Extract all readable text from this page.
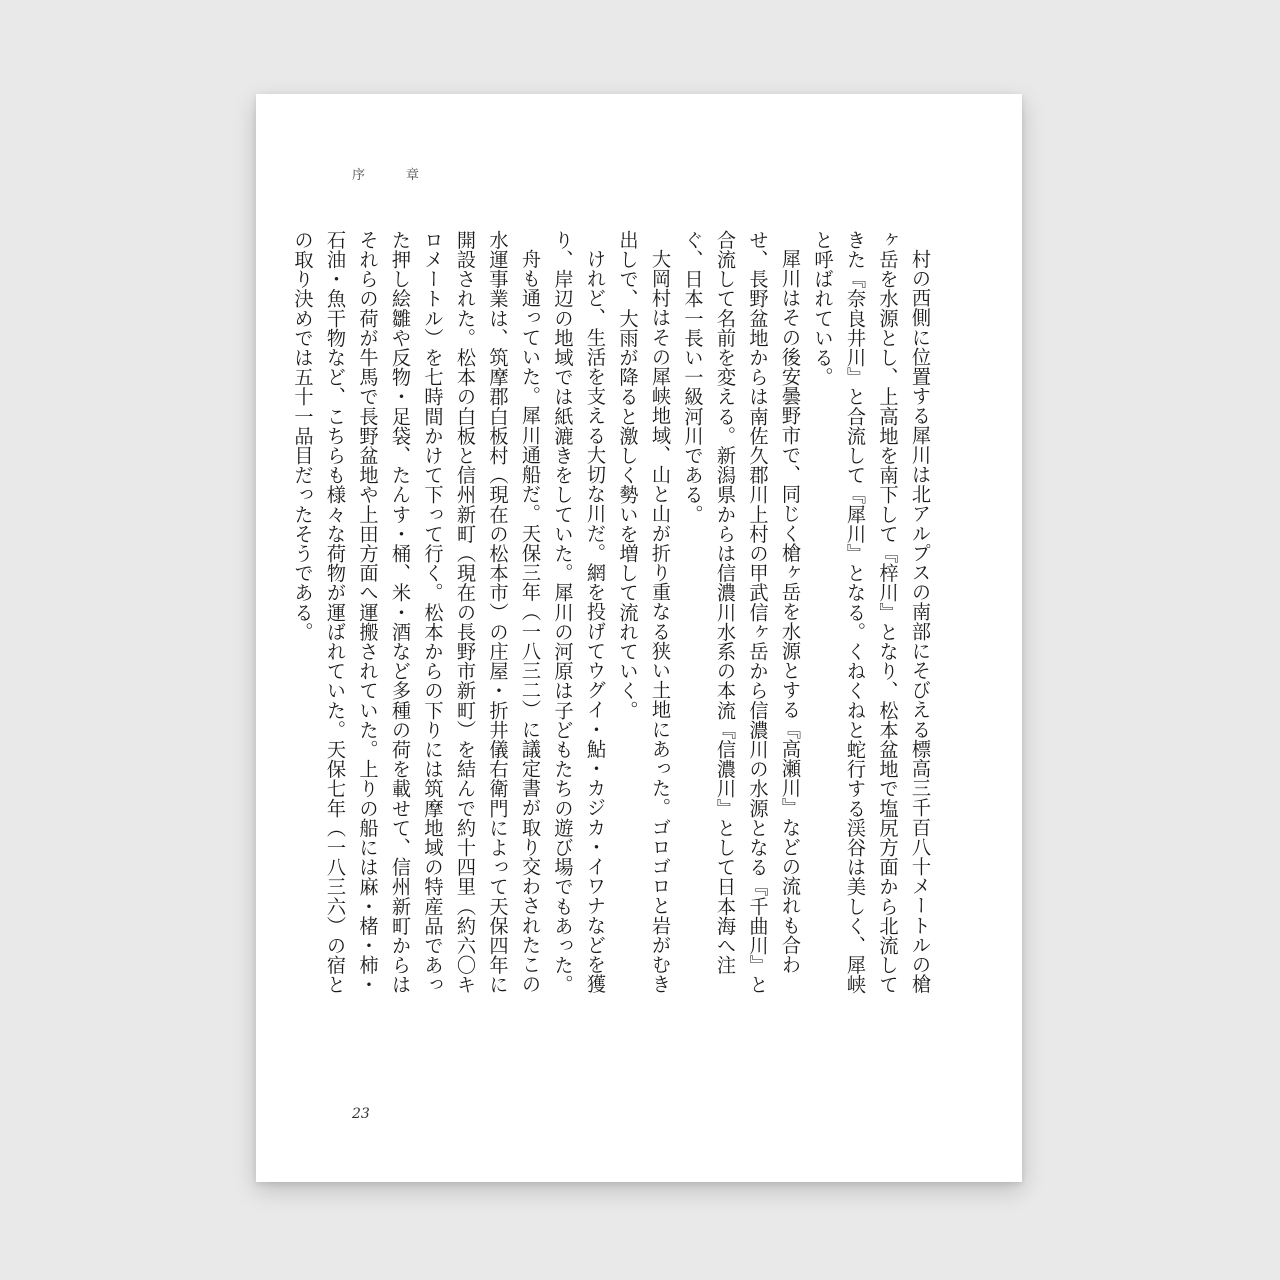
序　章

村の西側に位置する犀川は北アルプスの南部にそびえる標高三千百八十メートルの槍ヶ岳を水源とし、上高地を南下して『梓川』となり、松本盆地で塩尻方面から北流してきた『奈良井川』と合流して『犀川』となる。くねくねと蛇行する渓谷は美しく、犀峡と呼ばれている。

犀川はその後安曇野市で、同じく槍ヶ岳を水源とする『高瀬川』などの流れも合わせ、長野盆地からは南佐久郡川上村の甲武信ヶ岳から信濃川の水源となる『千曲川』と合流して名前を変える。新潟県からは信濃川水系の本流『信濃川』として日本海へ注ぐ、日本一長い一級河川である。

大岡村はその犀峡地域、山と山が折り重なる狭い土地にあった。ゴロゴロと岩がむき出しで、大雨が降ると激しく勢いを増して流れていく。

けれど、生活を支える大切な川だ。網を投げてウグイ・鮎・カジカ・イワナなどを獲り、岸辺の地域では紙漉きをしていた。犀川の河原は子どもたちの遊び場でもあった。

舟も通っていた。犀川通船だ。天保三年（一八三二）に議定書が取り交わされたこの水運事業は、筑摩郡白板村（現在の松本市）の庄屋・折井儀右衛門によって天保四年に開設された。松本の白板と信州新町（現在の長野市新町）を結んで約十四里（約六〇キロメートル）を七時間かけて下って行く。松本からの下りには筑摩地域の特産品であった押し絵雛や反物・足袋、たんす・桶、米・酒など多種の荷を載せて、信州新町からはそれらの荷が牛馬で長野盆地や上田方面へ運搬されていた。上りの船には麻・楮・柿・石油・魚干物など、こちらも様々な荷物が運ばれていた。天保七年（一八三六）の宿との取り決めでは五十一品目だったそうである。

23
